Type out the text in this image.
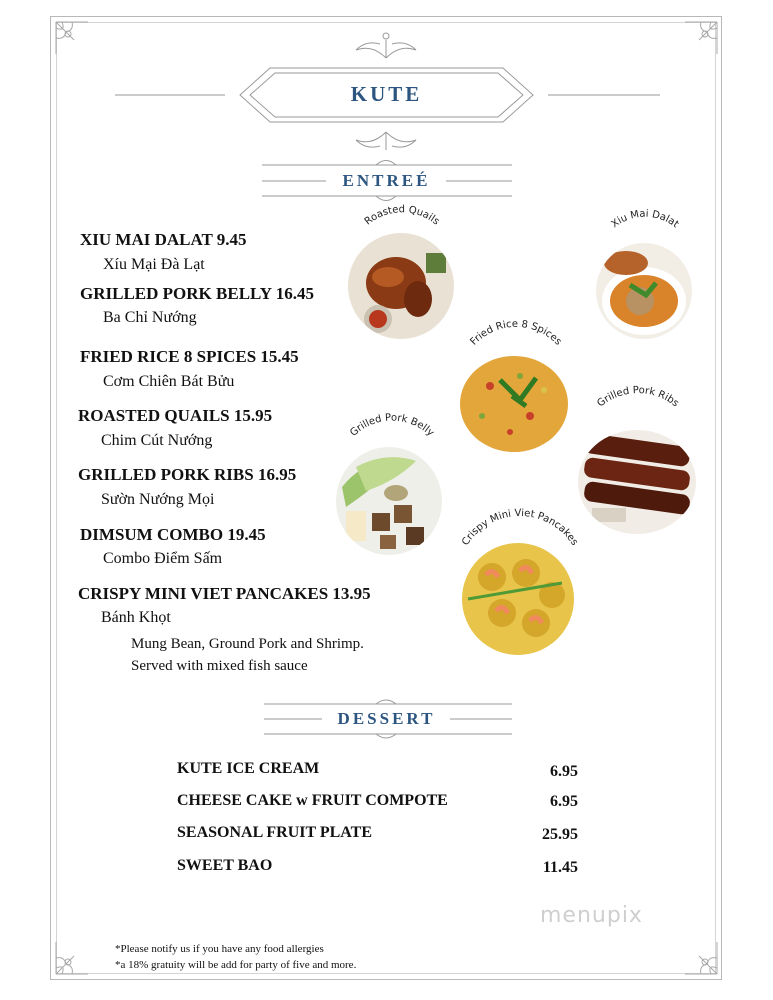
KUTE
ENTREÉ
XIU MAI DALAT 9.45
Xíu Mại Đà Lạt
GRILLED PORK BELLY 16.45
Ba Chỉ Nướng
FRIED RICE 8 SPICES 15.45
Cơm Chiên Bát Bửu
ROASTED QUAILS 15.95
Chim Cút Nướng
GRILLED PORK RIBS 16.95
Sườn Nướng Mọi
DIMSUM COMBO 19.45
Combo Điểm Sấm
CRISPY MINI VIET PANCAKES 13.95
Bánh Khọt
Mung Bean, Ground Pork and Shrimp.
Served with mixed fish sauce
Roasted Quails	Xiu Mai Dalat
Fried Rice 8 Spices
Grilled Pork Ribs
Grilled Pork Belly
Crispy Mini Viet Pancakes
DESSERT
KUTE ICE CREAM	6.95
CHEESE CAKE w FRUIT COMPOTE	6.95
SEASONAL FRUIT PLATE	25.95
SWEET BAO	11.45
menupix
*Please notify us if you have any food allergies
*a 18% gratuity will be add for party of five and more.
